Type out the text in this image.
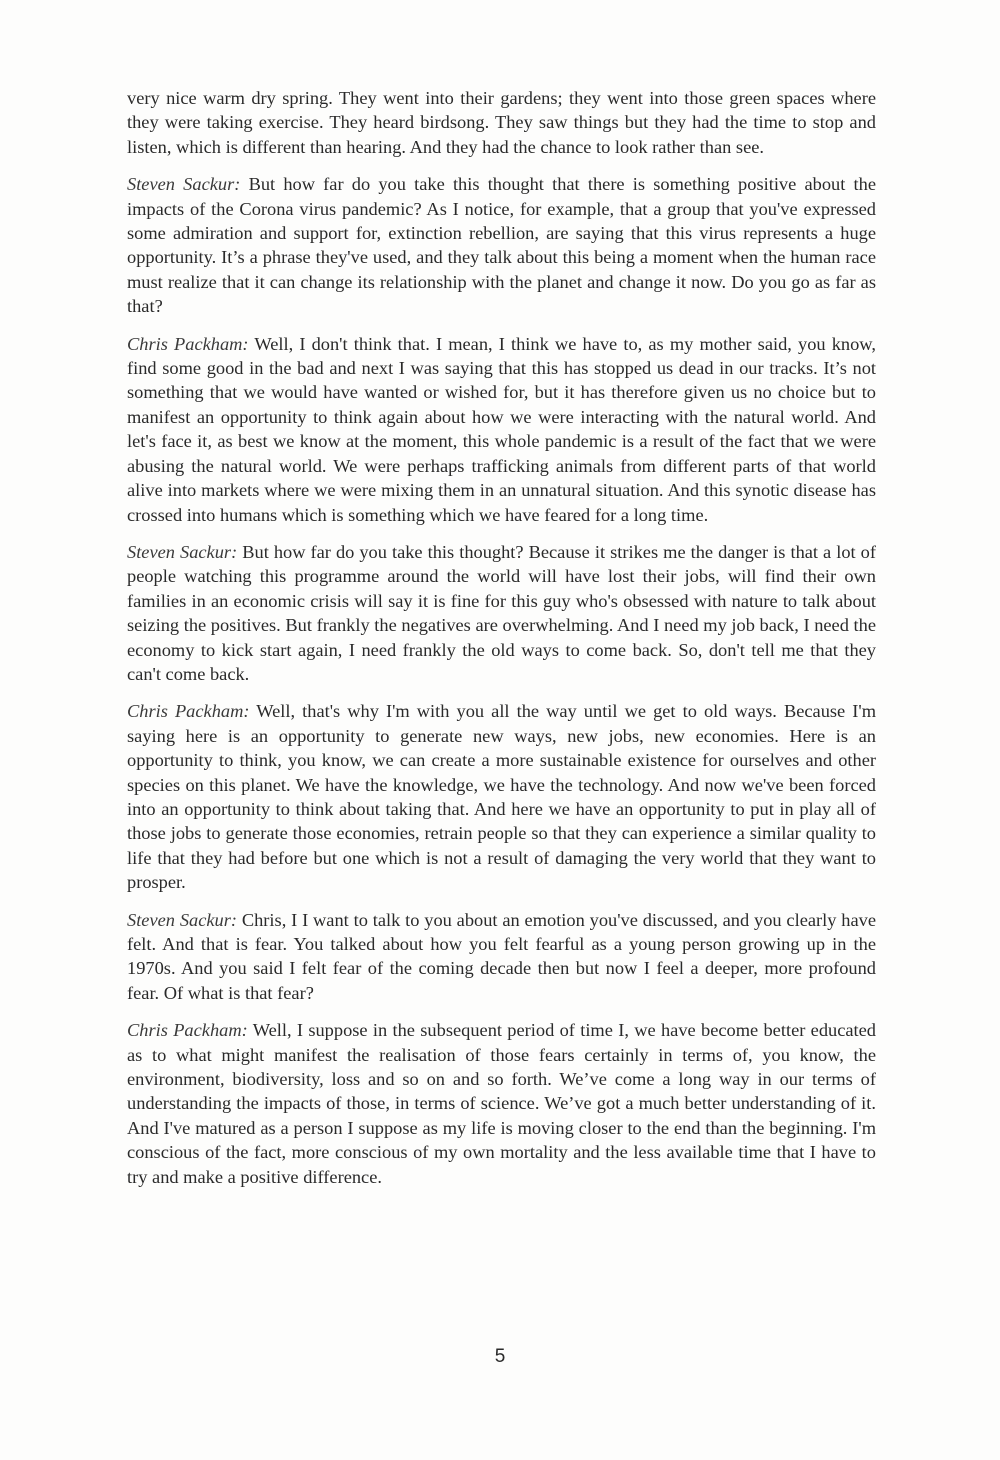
very nice warm dry spring. They went into their gardens; they went into those green spaces where they were taking exercise. They heard birdsong. They saw things but they had the time to stop and listen, which is different than hearing. And they had the chance to look rather than see.

Steven Sackur: But how far do you take this thought that there is something positive about the impacts of the Corona virus pandemic? As I notice, for example, that a group that you've expressed some admiration and support for, extinction rebellion, are saying that this virus represents a huge opportunity. It’s a phrase they've used, and they talk about this being a moment when the human race must realize that it can change its relationship with the planet and change it now. Do you go as far as that?

Chris Packham: Well, I don't think that. I mean, I think we have to, as my mother said, you know, find some good in the bad and next I was saying that this has stopped us dead in our tracks. It’s not something that we would have wanted or wished for, but it has therefore given us no choice but to manifest an opportunity to think again about how we were interacting with the natural world. And let's face it, as best we know at the moment, this whole pandemic is a result of the fact that we were abusing the natural world. We were perhaps trafficking animals from different parts of that world alive into markets where we were mixing them in an unnatural situation. And this synotic disease has crossed into humans which is something which we have feared for a long time.

Steven Sackur: But how far do you take this thought? Because it strikes me the danger is that a lot of people watching this programme around the world will have lost their jobs, will find their own families in an economic crisis will say it is fine for this guy who's obsessed with nature to talk about seizing the positives. But frankly the negatives are overwhelming. And I need my job back, I need the economy to kick start again, I need frankly the old ways to come back. So, don't tell me that they can't come back.

Chris Packham: Well, that's why I'm with you all the way until we get to old ways. Because I'm saying here is an opportunity to generate new ways, new jobs, new economies. Here is an opportunity to think, you know, we can create a more sustainable existence for ourselves and other species on this planet. We have the knowledge, we have the technology. And now we've been forced into an opportunity to think about taking that. And here we have an opportunity to put in play all of those jobs to generate those economies, retrain people so that they can experience a similar quality to life that they had before but one which is not a result of damaging the very world that they want to prosper.

Steven Sackur: Chris, I I want to talk to you about an emotion you've discussed, and you clearly have felt. And that is fear. You talked about how you felt fearful as a young person growing up in the 1970s. And you said I felt fear of the coming decade then but now I feel a deeper, more profound fear. Of what is that fear?

Chris Packham: Well, I suppose in the subsequent period of time I, we have become better educated as to what might manifest the realisation of those fears certainly in terms of, you know, the environment, biodiversity, loss and so on and so forth. We’ve come a long way in our terms of understanding the impacts of those, in terms of science. We’ve got a much better understanding of it. And I've matured as a person I suppose as my life is moving closer to the end than the beginning. I'm conscious of the fact, more conscious of my own mortality and the less available time that I have to try and make a positive difference.

5
